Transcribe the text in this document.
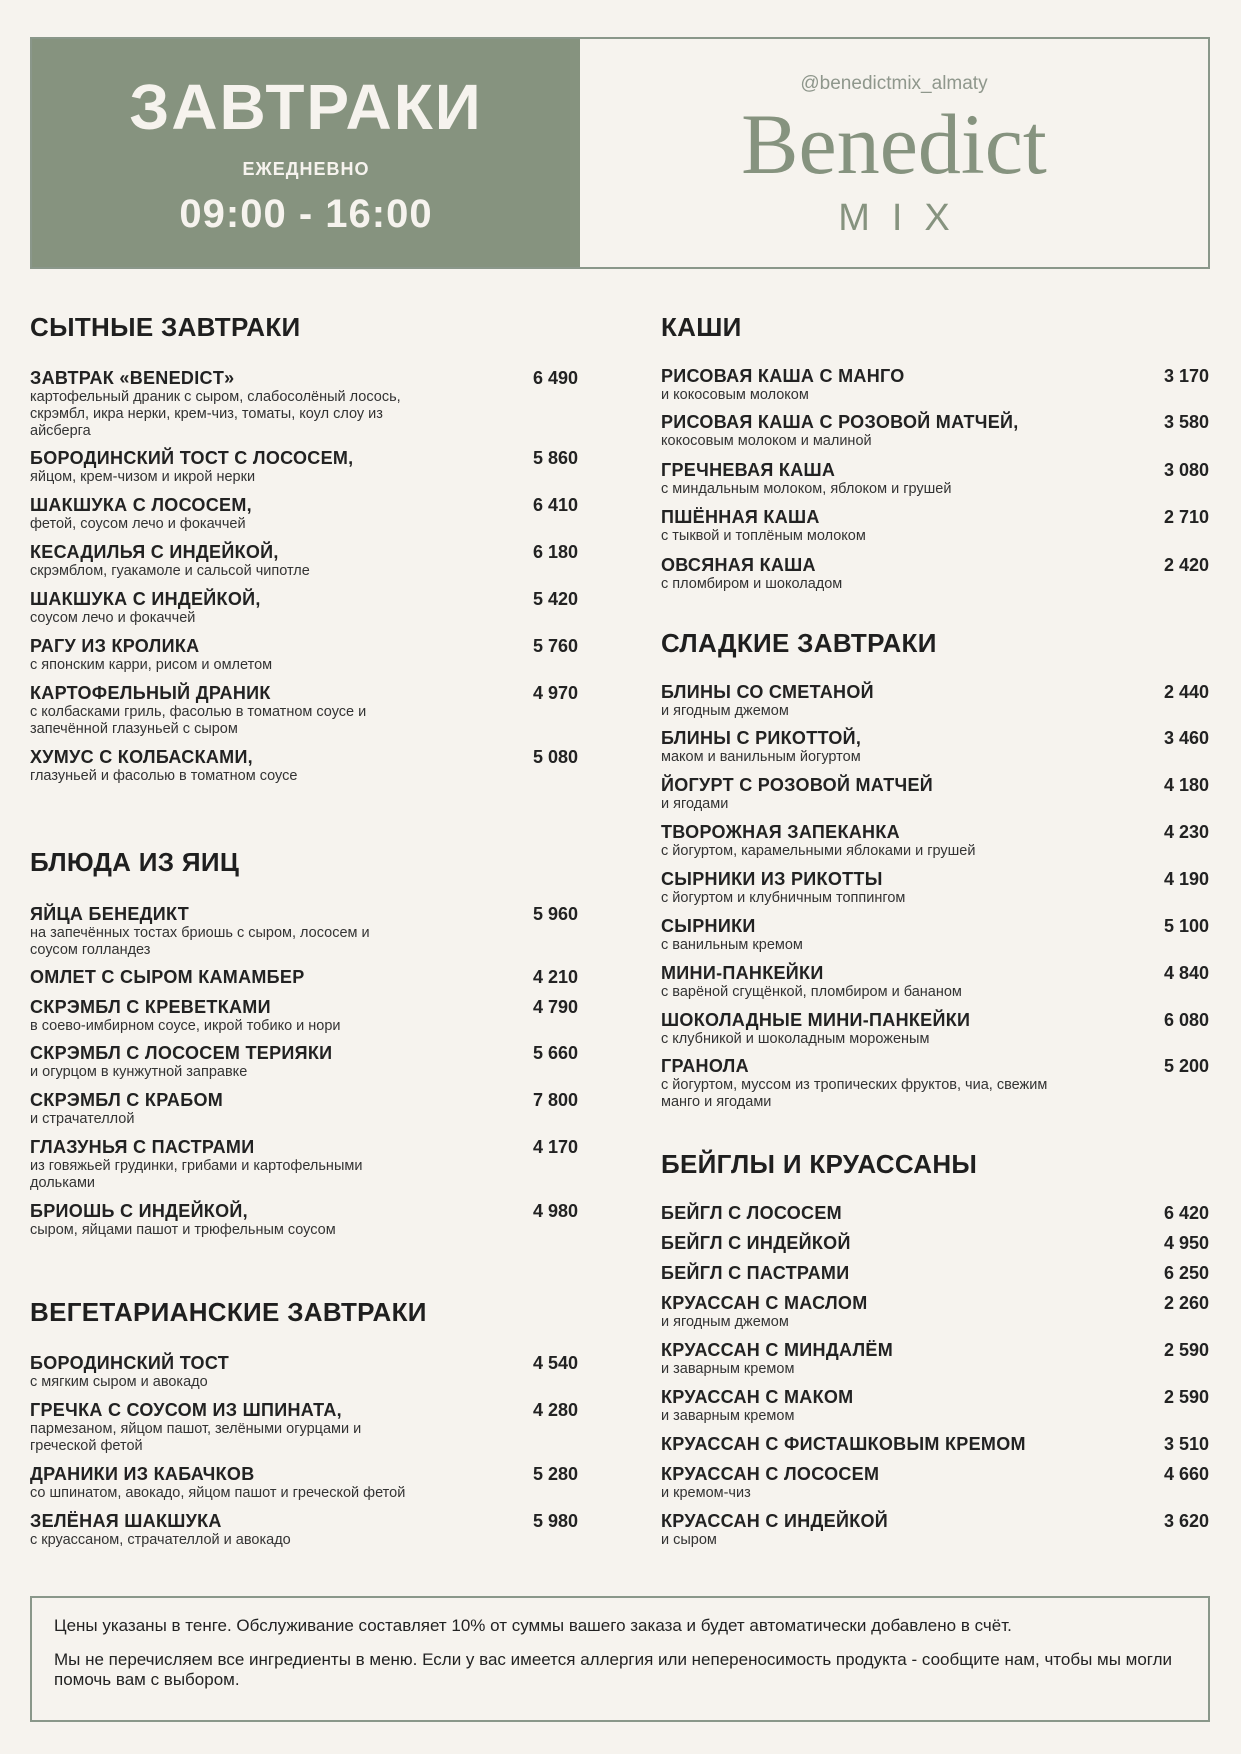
ЗАВТРАКИ
ЕЖЕДНЕВНО
09:00 - 16:00
@benedictmix_almaty
Benedict
MIX
СЫТНЫЕ ЗАВТРАКИ
ЗАВТРАК «BENEDICT»
картофельный драник с сыром, слабосолёный лосось, скрэмбл, икра нерки, крем-чиз, томаты, коул слоу из айсберга
6 490
БОРОДИНСКИЙ ТОСТ С ЛОСОСЕМ,
яйцом, крем-чизом и икрой нерки
5 860
ШАКШУКА С ЛОСОСЕМ,
фетой, соусом лечо и фокаччей
6 410
КЕСАДИЛЬЯ С ИНДЕЙКОЙ,
скрэмблом, гуакамоле и сальсой чипотле
6 180
ШАКШУКА С ИНДЕЙКОЙ,
соусом лечо и фокаччей
5 420
РАГУ ИЗ КРОЛИКА
с японским карри, рисом и омлетом
5 760
КАРТОФЕЛЬНЫЙ ДРАНИК
с колбасками гриль, фасолью в томатном соусе и запечённой глазуньей с сыром
4 970
ХУМУС С КОЛБАСКАМИ,
глазуньей и фасолью в томатном соусе
5 080
БЛЮДА ИЗ ЯИЦ
ЯЙЦА БЕНЕДИКТ
на запечённых тостах бриошь с сыром, лососем и соусом голландез
5 960
ОМЛЕТ С СЫРОМ КАМАМБЕР	4 210
СКРЭМБЛ С КРЕВЕТКАМИ
в соево-имбирном соусе, икрой тобико и нори
4 790
СКРЭМБЛ С ЛОСОСЕМ ТЕРИЯКИ
и огурцом в кунжутной заправке
5 660
СКРЭМБЛ С КРАБОМ
и страчателлой
7 800
ГЛАЗУНЬЯ С ПАСТРАМИ
из говяжьей грудинки, грибами и картофельными дольками
4 170
БРИОШЬ С ИНДЕЙКОЙ,
сыром, яйцами пашот и трюфельным соусом
4 980
ВЕГЕТАРИАНСКИЕ ЗАВТРАКИ
БОРОДИНСКИЙ ТОСТ
с мягким сыром и авокадо
4 540
ГРЕЧКА С СОУСОМ ИЗ ШПИНАТА,
пармезаном, яйцом пашот, зелёными огурцами и греческой фетой
4 280
ДРАНИКИ ИЗ КАБАЧКОВ
со шпинатом, авокадо, яйцом пашот и греческой фетой
5 280
ЗЕЛЁНАЯ ШАКШУКА
с круассаном, страчателлой и авокадо
5 980
КАШИ
РИСОВАЯ КАША С МАНГО
и кокосовым молоком
3 170
РИСОВАЯ КАША С РОЗОВОЙ МАТЧЕЙ,
кокосовым молоком и малиной
3 580
ГРЕЧНЕВАЯ КАША
с миндальным молоком, яблоком и грушей
3 080
ПШЁННАЯ КАША
с тыквой и топлёным молоком
2 710
ОВСЯНАЯ КАША
с пломбиром и шоколадом
2 420
СЛАДКИЕ ЗАВТРАКИ
БЛИНЫ СО СМЕТАНОЙ
и ягодным джемом
2 440
БЛИНЫ С РИКОТТОЙ,
маком и ванильным йогуртом
3 460
ЙОГУРТ С РОЗОВОЙ МАТЧЕЙ
и ягодами
4 180
ТВОРОЖНАЯ ЗАПЕКАНКА
с йогуртом, карамельными яблоками и грушей
4 230
СЫРНИКИ ИЗ РИКОТТЫ
с йогуртом и клубничным топпингом
4 190
СЫРНИКИ
с ванильным кремом
5 100
МИНИ-ПАНКЕЙКИ
с варёной сгущёнкой, пломбиром и бананом
4 840
ШОКОЛАДНЫЕ МИНИ-ПАНКЕЙКИ
с клубникой и шоколадным мороженым
6 080
ГРАНОЛА
с йогуртом, муссом из тропических фруктов, чиа, свежим манго и ягодами
5 200
БЕЙГЛЫ И КРУАССАНЫ
БЕЙГЛ С ЛОСОСЕМ	6 420
БЕЙГЛ С ИНДЕЙКОЙ	4 950
БЕЙГЛ С ПАСТРАМИ	6 250
КРУАССАН С МАСЛОМ
и ягодным джемом
2 260
КРУАССАН С МИНДАЛЁМ
и заварным кремом
2 590
КРУАССАН С МАКОМ
и заварным кремом
2 590
КРУАССАН С ФИСТАШКОВЫМ КРЕМОМ	3 510
КРУАССАН С ЛОСОСЕМ
и кремом-чиз
4 660
КРУАССАН С ИНДЕЙКОЙ
и сыром
3 620

Цены указаны в тенге. Обслуживание составляет 10% от суммы вашего заказа и будет автоматически добавлено в счёт.

Мы не перечисляем все ингредиенты в меню. Если у вас имеется аллергия или непереносимость продукта - сообщите нам, чтобы мы могли помочь вам с выбором.
